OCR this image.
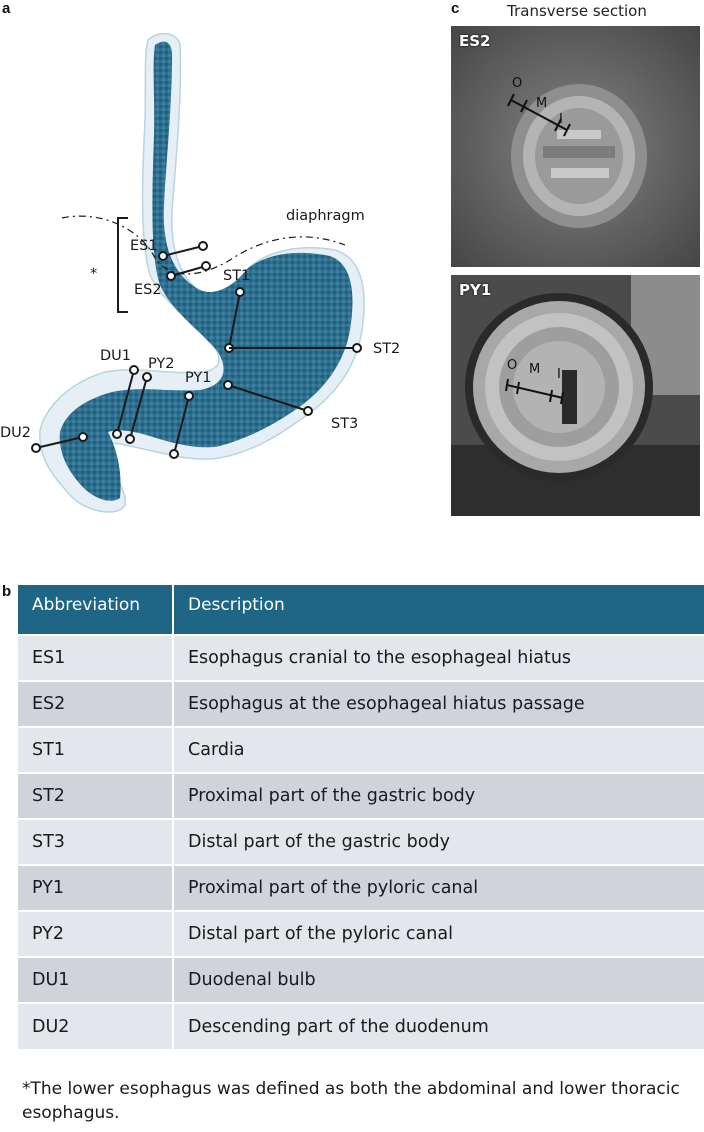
a	c
b
diaphragm
*
ES1
ES2
ST1
ST2
ST3
PY1
PY2
DU1
DU2
Transverse section
ES2
O
M
I
PY1
O M I
Abbreviation	Description
ES1	Esophagus cranial to the esophageal hiatus
ES2	Esophagus at the esophageal hiatus passage
ST1	Cardia
ST2	Proximal part of the gastric body
ST3	Distal part of the gastric body
PY1	Proximal part of the pyloric canal
PY2	Distal part of the pyloric canal
DU1	Duodenal bulb
DU2	Descending part of the duodenum
*The lower esophagus was defined as both the abdominal and lower thoracic esophagus.
